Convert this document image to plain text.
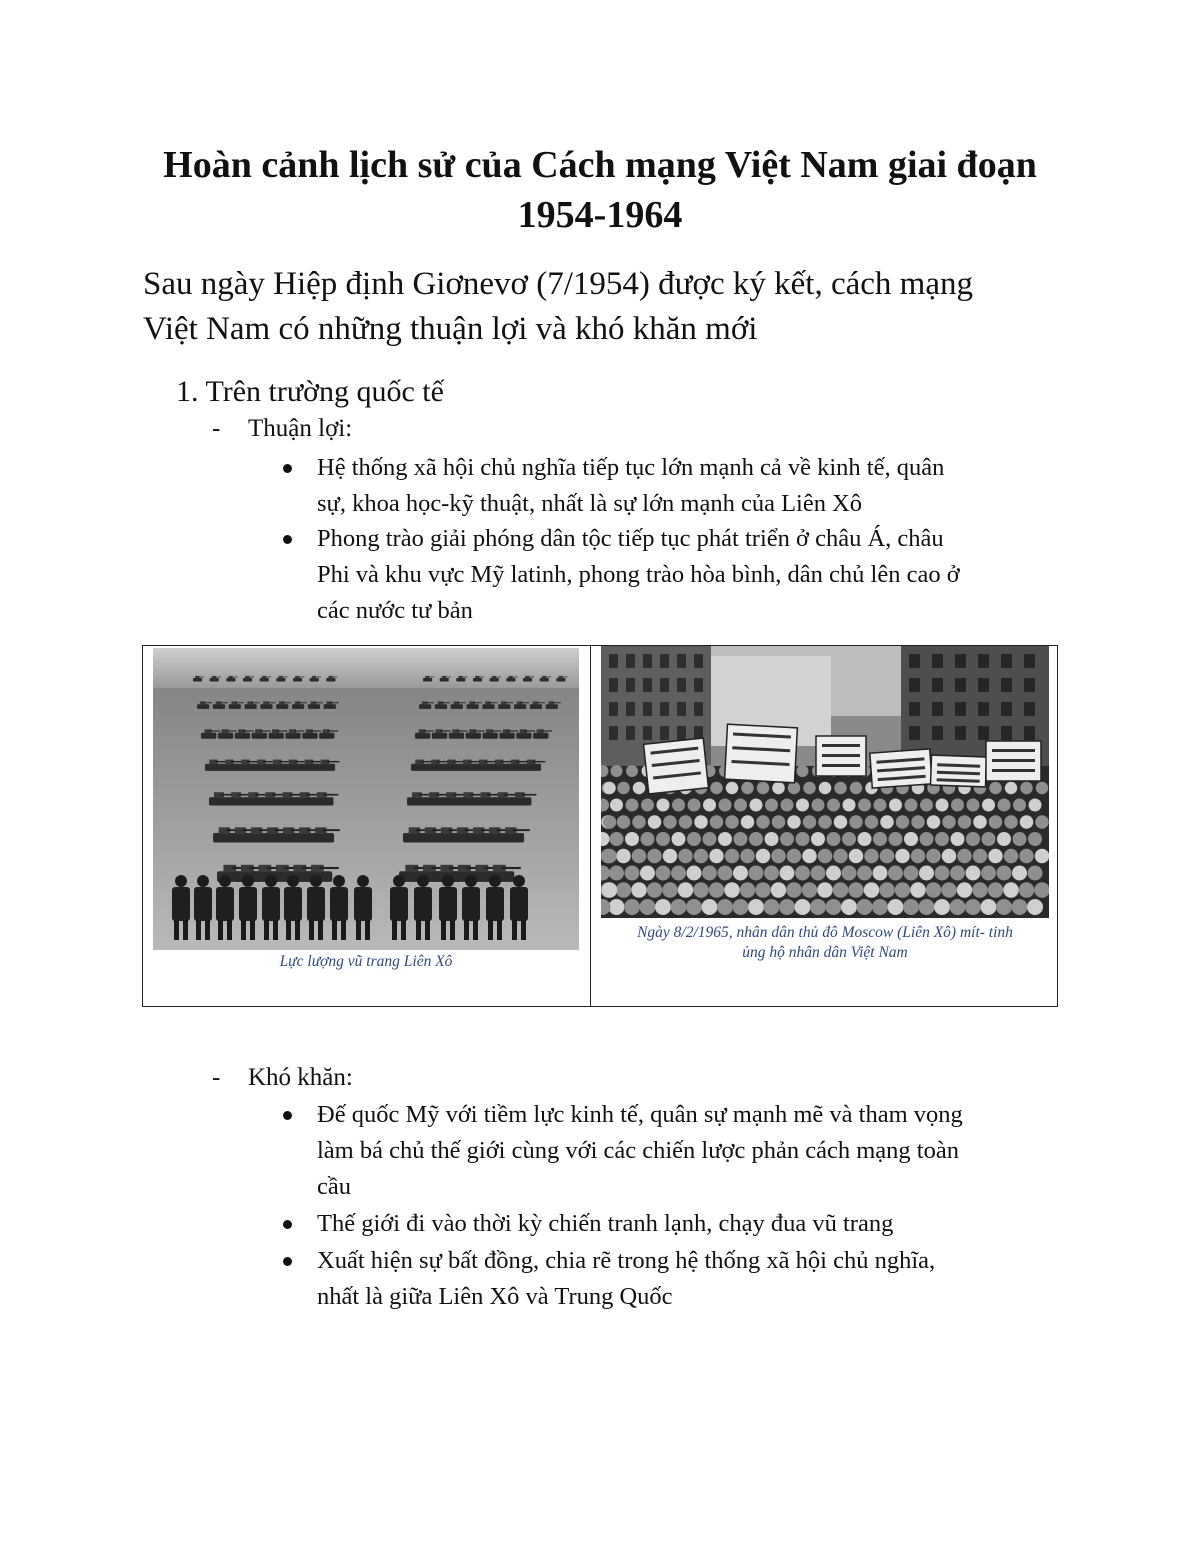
Hoàn cảnh lịch sử của Cách mạng Việt Nam giai đoạn
1954-1964
Sau ngày Hiệp định Giơnevơ (7/1954) được ký kết, cách mạng
Việt Nam có những thuận lợi và khó khăn mới
1. Trên trường quốc tế
- Thuận lợi:
Hệ thống xã hội chủ nghĩa tiếp tục lớn mạnh cả về kinh tế, quân
sự, khoa học-kỹ thuật, nhất là sự lớn mạnh của Liên Xô
Phong trào giải phóng dân tộc tiếp tục phát triển ở châu Á, châu
Phi và khu vực Mỹ latinh, phong trào hòa bình, dân chủ lên cao ở
các nước tư bản
Lực lượng vũ trang Liên Xô
Ngày 8/2/1965, nhân dân thủ đô Moscow (Liên Xô) mít- tinh
ủng hộ nhân dân Việt Nam
- Khó khăn:
Đế quốc Mỹ với tiềm lực kinh tế, quân sự mạnh mẽ và tham vọng
làm bá chủ thế giới cùng với các chiến lược phản cách mạng toàn
cầu
Thế giới đi vào thời kỳ chiến tranh lạnh, chạy đua vũ trang
Xuất hiện sự bất đồng, chia rẽ trong hệ thống xã hội chủ nghĩa,
nhất là giữa Liên Xô và Trung Quốc
